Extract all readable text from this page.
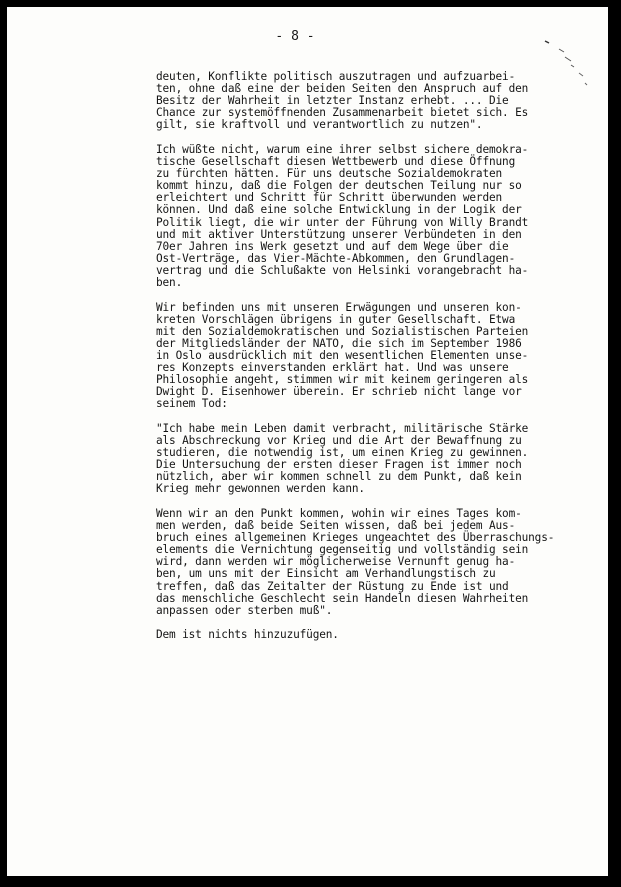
- 8 -
deuten, Konflikte politisch auszutragen und aufzuarbei-
ten, ohne daß eine der beiden Seiten den Anspruch auf den
Besitz der Wahrheit in letzter Instanz erhebt. ... Die
Chance zur systemöffnenden Zusammenarbeit bietet sich. Es
gilt, sie kraftvoll und verantwortlich zu nutzen".
Ich wüßte nicht, warum eine ihrer selbst sichere demokra-
tische Gesellschaft diesen Wettbewerb und diese Öffnung
zu fürchten hätten. Für uns deutsche Sozialdemokraten
kommt hinzu, daß die Folgen der deutschen Teilung nur so
erleichtert und Schritt für Schritt überwunden werden
können. Und daß eine solche Entwicklung in der Logik der
Politik liegt, die wir unter der Führung von Willy Brandt
und mit aktiver Unterstützung unserer Verbündeten in den
70er Jahren ins Werk gesetzt und auf dem Wege über die
Ost-Verträge, das Vier-Mächte-Abkommen, den Grundlagen-
vertrag und die Schlußakte von Helsinki vorangebracht ha-
ben.
Wir befinden uns mit unseren Erwägungen und unseren kon-
kreten Vorschlägen übrigens in guter Gesellschaft. Etwa
mit den Sozialdemokratischen und Sozialistischen Parteien
der Mitgliedsländer der NATO, die sich im September 1986
in Oslo ausdrücklich mit den wesentlichen Elementen unse-
res Konzepts einverstanden erklärt hat. Und was unsere
Philosophie angeht, stimmen wir mit keinem geringeren als
Dwight D. Eisenhower überein. Er schrieb nicht lange vor
seinem Tod:
"Ich habe mein Leben damit verbracht, militärische Stärke
als Abschreckung vor Krieg und die Art der Bewaffnung zu
studieren, die notwendig ist, um einen Krieg zu gewinnen.
Die Untersuchung der ersten dieser Fragen ist immer noch
nützlich, aber wir kommen schnell zu dem Punkt, daß kein
Krieg mehr gewonnen werden kann.
Wenn wir an den Punkt kommen, wohin wir eines Tages kom-
men werden, daß beide Seiten wissen, daß bei jedem Aus-
bruch eines allgemeinen Krieges ungeachtet des Überraschungs-
elements die Vernichtung gegenseitig und vollständig sein
wird, dann werden wir möglicherweise Vernunft genug ha-
ben, um uns mit der Einsicht am Verhandlungstisch zu
treffen, daß das Zeitalter der Rüstung zu Ende ist und
das menschliche Geschlecht sein Handeln diesen Wahrheiten
anpassen oder sterben muß".
Dem ist nichts hinzuzufügen.
